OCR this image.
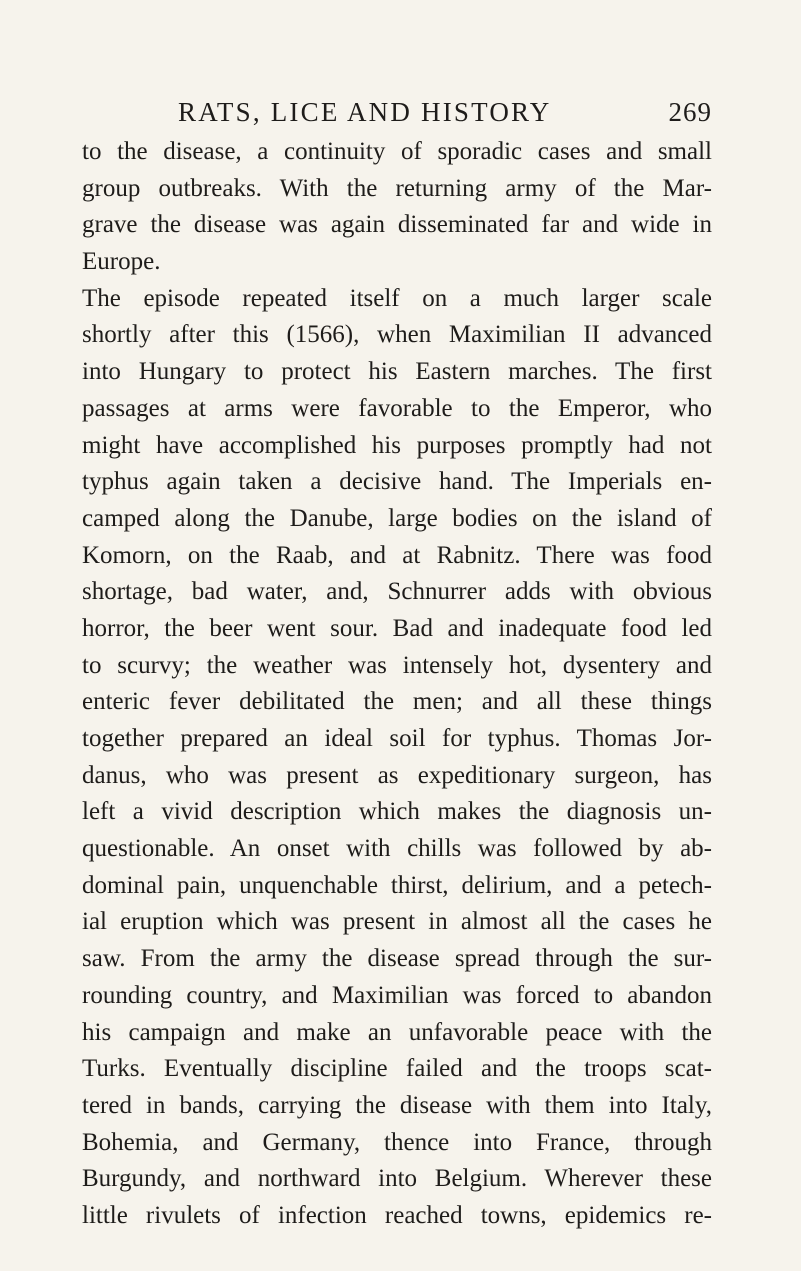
RATS, LICE AND HISTORY	269
to the disease, a continuity of sporadic cases and small
group outbreaks. With the returning army of the Mar-
grave the disease was again disseminated far and wide in
Europe.
The episode repeated itself on a much larger scale
shortly after this (1566), when Maximilian II advanced
into Hungary to protect his Eastern marches. The first
passages at arms were favorable to the Emperor, who
might have accomplished his purposes promptly had not
typhus again taken a decisive hand. The Imperials en-
camped along the Danube, large bodies on the island of
Komorn, on the Raab, and at Rabnitz. There was food
shortage, bad water, and, Schnurrer adds with obvious
horror, the beer went sour. Bad and inadequate food led
to scurvy; the weather was intensely hot, dysentery and
enteric fever debilitated the men; and all these things
together prepared an ideal soil for typhus. Thomas Jor-
danus, who was present as expeditionary surgeon, has
left a vivid description which makes the diagnosis un-
questionable. An onset with chills was followed by ab-
dominal pain, unquenchable thirst, delirium, and a petech-
ial eruption which was present in almost all the cases he
saw. From the army the disease spread through the sur-
rounding country, and Maximilian was forced to abandon
his campaign and make an unfavorable peace with the
Turks. Eventually discipline failed and the troops scat-
tered in bands, carrying the disease with them into Italy,
Bohemia, and Germany, thence into France, through
Burgundy, and northward into Belgium. Wherever these
little rivulets of infection reached towns, epidemics re-
